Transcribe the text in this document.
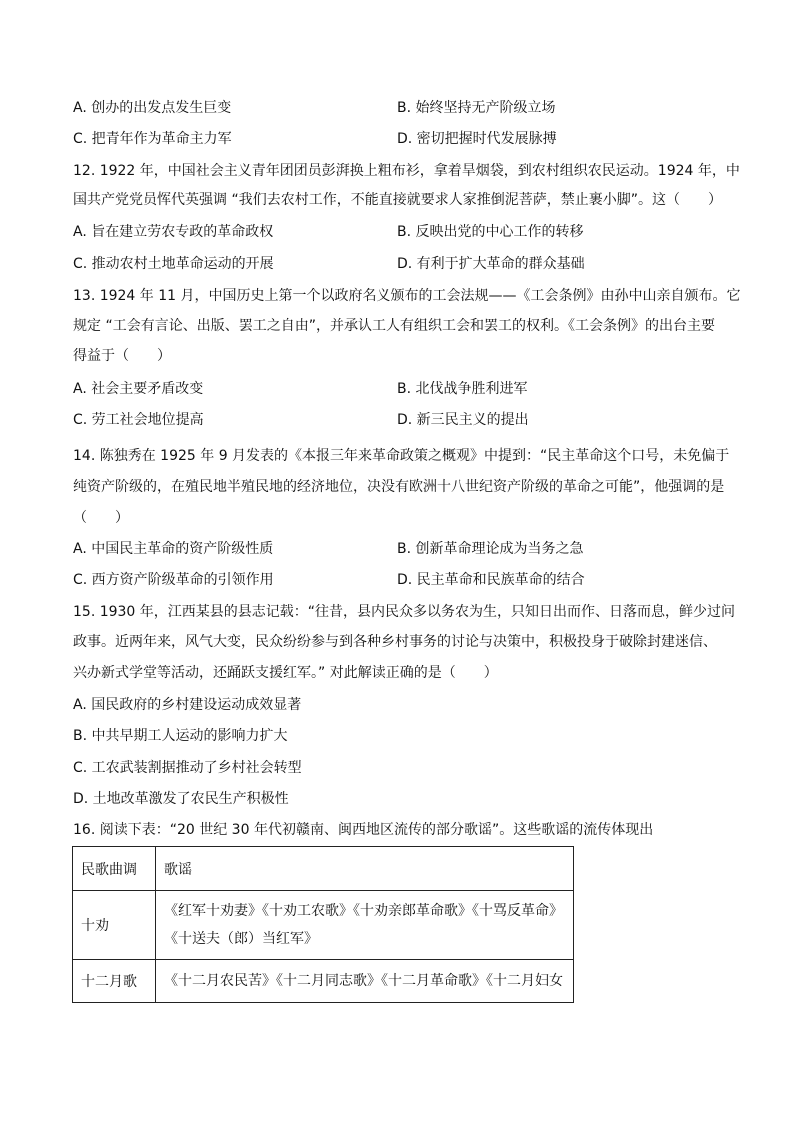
A. 创办的出发点发生巨变	B. 始终坚持无产阶级立场
C. 把青年作为革命主力军	D. 密切把握时代发展脉搏
12. 1922 年，中国社会主义青年团团员彭湃换上粗布衫，拿着旱烟袋，到农村组织农民运动。1924 年，中
国共产党党员恽代英强调 “我们去农村工作，不能直接就要求人家推倒泥菩萨，禁止裹小脚”。这（　　）
A. 旨在建立劳农专政的革命政权	B. 反映出党的中心工作的转移
C. 推动农村土地革命运动的开展	D. 有利于扩大革命的群众基础
13. 1924 年 11 月，中国历史上第一个以政府名义颁布的工会法规——《工会条例》由孙中山亲自颁布。它
规定 “工会有言论、出版、罢工之自由”，并承认工人有组织工会和罢工的权利。《工会条例》的出台主要
得益于（　　）
A. 社会主要矛盾改变	B. 北伐战争胜利进军
C. 劳工社会地位提高	D. 新三民主义的提出
14. 陈独秀在 1925 年 9 月发表的《本报三年来革命政策之概观》中提到：“民主革命这个口号，未免偏于
纯资产阶级的，在殖民地半殖民地的经济地位，决没有欧洲十八世纪资产阶级的革命之可能”，他强调的是
（　　）
A. 中国民主革命的资产阶级性质	B. 创新革命理论成为当务之急
C. 西方资产阶级革命的引领作用	D. 民主革命和民族革命的结合
15. 1930 年，江西某县的县志记载：“往昔，县内民众多以务农为生，只知日出而作、日落而息，鲜少过问
政事。近两年来，风气大变，民众纷纷参与到各种乡村事务的讨论与决策中，积极投身于破除封建迷信、
兴办新式学堂等活动，还踊跃支援红军。” 对此解读正确的是（　　）
A. 国民政府的乡村建设运动成效显著
B. 中共早期工人运动的影响力扩大
C. 工农武装割据推动了乡村社会转型
D. 土地改革激发了农民生产积极性
16. 阅读下表：“20 世纪 30 年代初赣南、闽西地区流传的部分歌谣”。这些歌谣的流传体现出
民歌曲调	歌谣
十劝	《红军十劝妻》《十劝工农歌》《十劝亲郎革命歌》《十骂反革命》
《十送夫（郎）当红军》

十二月歌	《十二月农民苦》《十二月同志歌》《十二月革命歌》《十二月妇女
